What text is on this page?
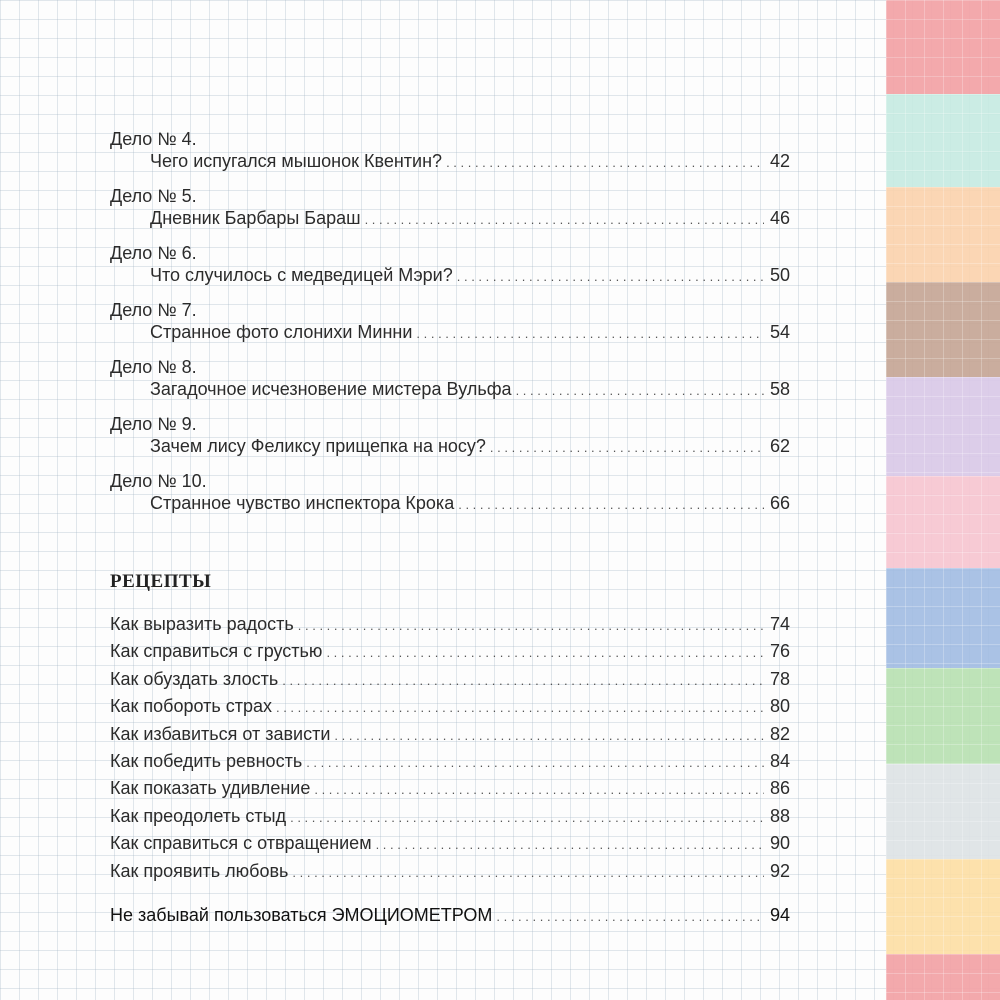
Дело № 4.
Чего испугался мышонок Квентин? . . .	42
Дело № 5.
Дневник Барбары Бараш . . .	46
Дело № 6.
Что случилось с медведицей Мэри? . . .	50
Дело № 7.
Странное фото слонихи Минни . . .	54
Дело № 8.
Загадочное исчезновение мистера Вульфа . . .	58
Дело № 9.
Зачем лису Феликсу прищепка на носу? . . .	62
Дело № 10.
Странное чувство инспектора Крока . . .	66
РЕЦЕПТЫ
Как выразить радость . . .	74
Как справиться с грустью . . .	76
Как обуздать злость . . .	78
Как побороть страх . . .	80
Как избавиться от зависти . . .	82
Как победить ревность . . .	84
Как показать удивление . . .	86
Как преодолеть стыд . . .	88
Как справиться с отвращением . . .	90
Как проявить любовь . . .	92
Не забывай пользоваться ЭМОЦИОМЕТРОМ . . .	94
